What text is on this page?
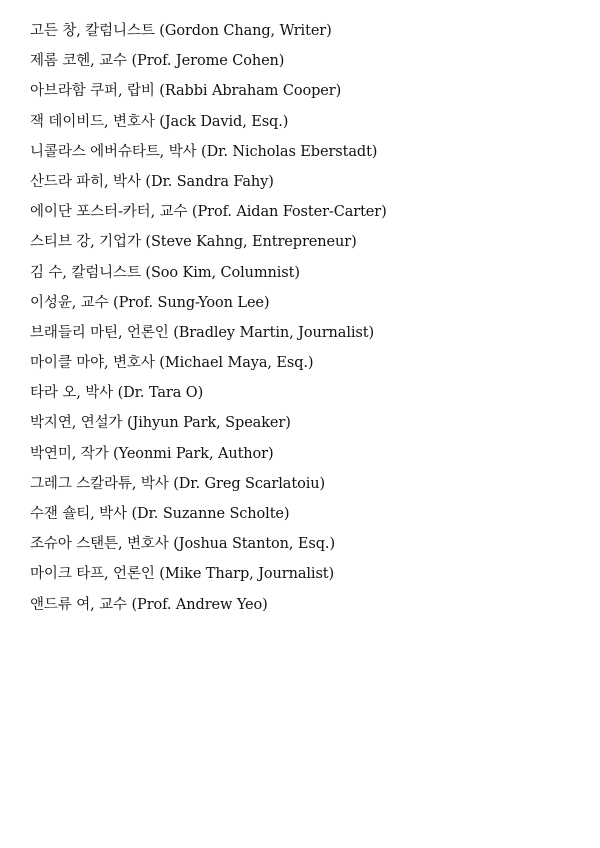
고든 창, 칼럼니스트 (Gordon Chang, Writer)
제롬 코헨, 교수 (Prof. Jerome Cohen)
아브라함 쿠퍼, 랍비 (Rabbi Abraham Cooper)
잭 데이비드, 변호사 (Jack David, Esq.)
니콜라스 에버슈타트, 박사 (Dr. Nicholas Eberstadt)
산드라 파히, 박사 (Dr. Sandra Fahy)
에이단 포스터-카터, 교수 (Prof. Aidan Foster-Carter)
스티브 강, 기업가 (Steve Kahng, Entrepreneur)
김 수, 칼럼니스트 (Soo Kim, Columnist)
이성윤, 교수 (Prof. Sung-Yoon Lee)
브래들리 마틴, 언론인 (Bradley Martin, Journalist)
마이클 마야, 변호사 (Michael Maya, Esq.)
타라 오, 박사 (Dr. Tara O)
박지연, 연설가 (Jihyun Park, Speaker)
박연미, 작가 (Yeonmi Park, Author)
그레그 스칼라튜, 박사 (Dr. Greg Scarlatoiu)
수잰 숄티, 박사 (Dr. Suzanne Scholte)
조슈아 스탠튼, 변호사 (Joshua Stanton, Esq.)
마이크 타프, 언론인 (Mike Tharp, Journalist)
앤드류 여, 교수 (Prof. Andrew Yeo)
